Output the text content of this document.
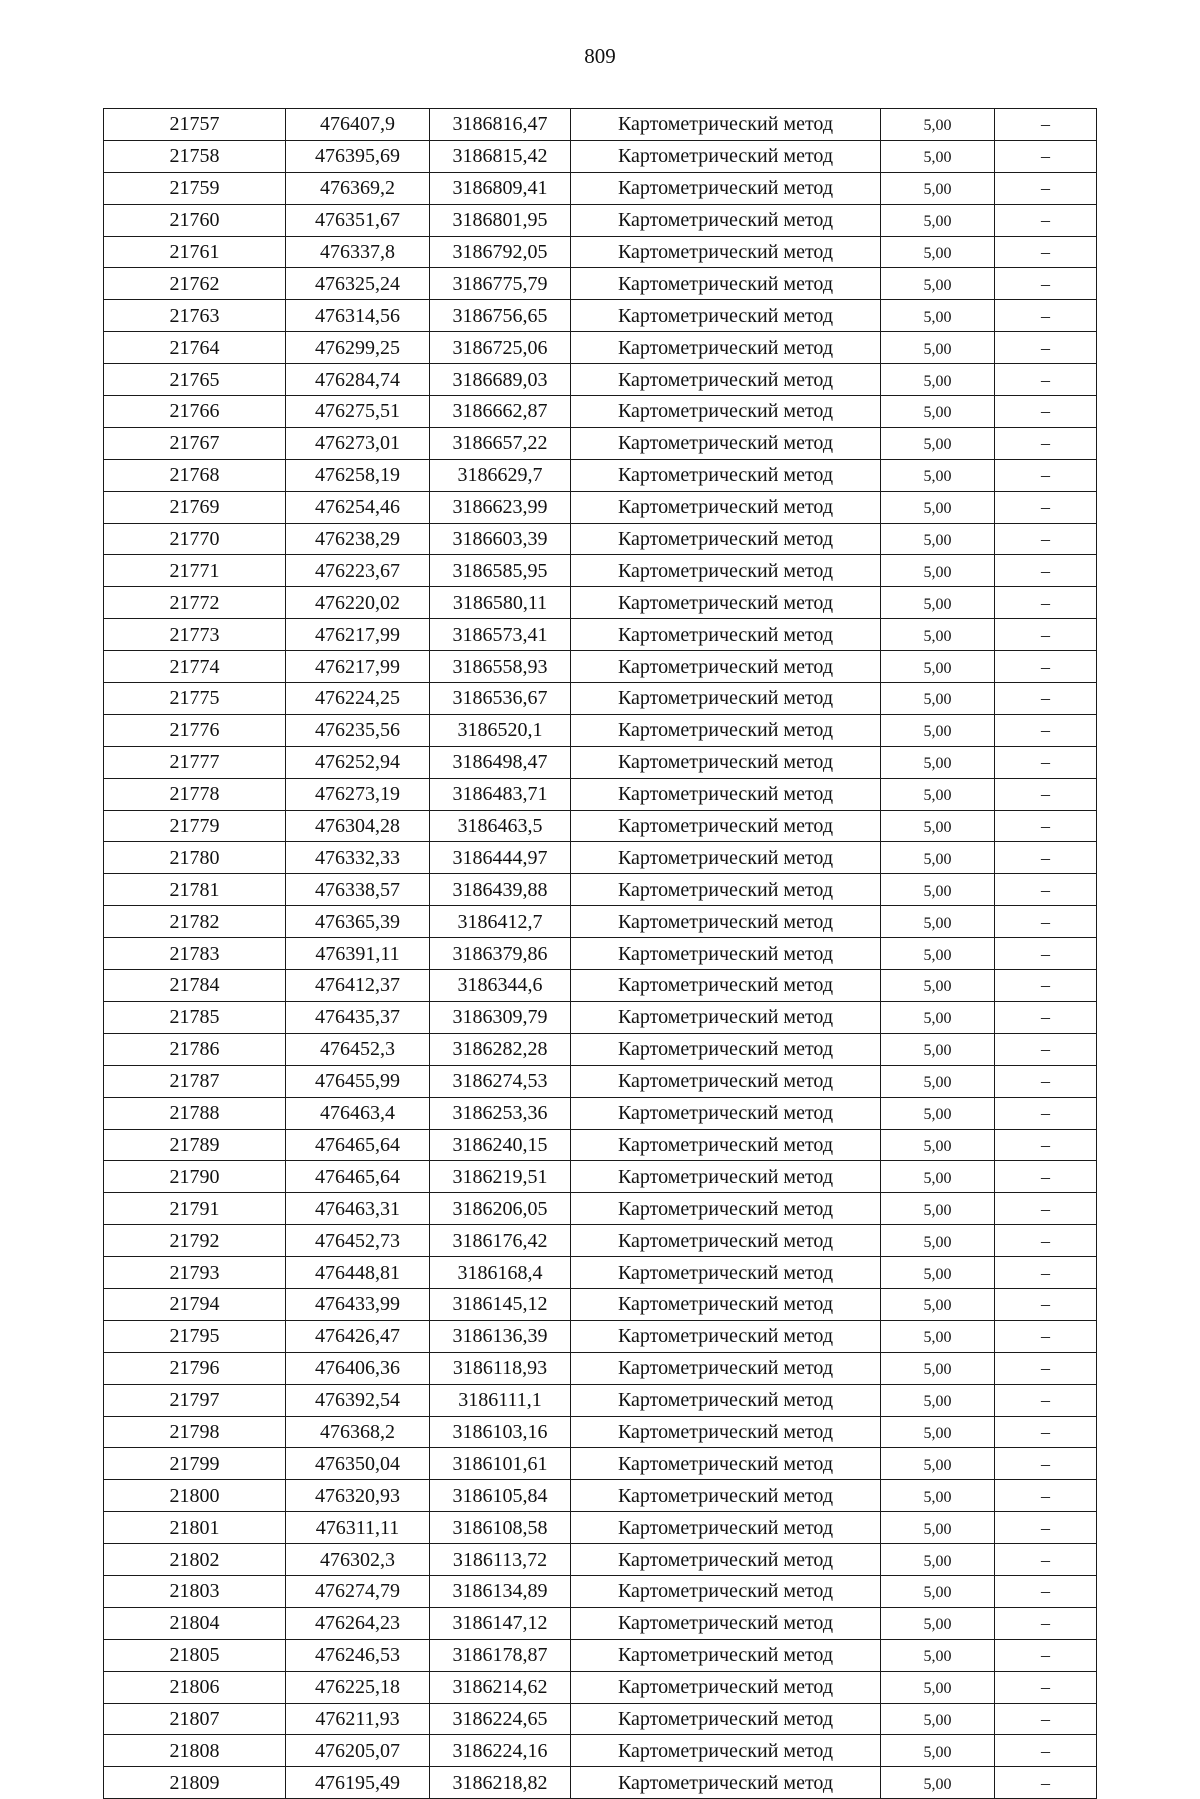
809
21757	476407,9	3186816,47	Картометрический метод	5,00	–
21758	476395,69	3186815,42	Картометрический метод	5,00	–
21759	476369,2	3186809,41	Картометрический метод	5,00	–
21760	476351,67	3186801,95	Картометрический метод	5,00	–
21761	476337,8	3186792,05	Картометрический метод	5,00	–
21762	476325,24	3186775,79	Картометрический метод	5,00	–
21763	476314,56	3186756,65	Картометрический метод	5,00	–
21764	476299,25	3186725,06	Картометрический метод	5,00	–
21765	476284,74	3186689,03	Картометрический метод	5,00	–
21766	476275,51	3186662,87	Картометрический метод	5,00	–
21767	476273,01	3186657,22	Картометрический метод	5,00	–
21768	476258,19	3186629,7	Картометрический метод	5,00	–
21769	476254,46	3186623,99	Картометрический метод	5,00	–
21770	476238,29	3186603,39	Картометрический метод	5,00	–
21771	476223,67	3186585,95	Картометрический метод	5,00	–
21772	476220,02	3186580,11	Картометрический метод	5,00	–
21773	476217,99	3186573,41	Картометрический метод	5,00	–
21774	476217,99	3186558,93	Картометрический метод	5,00	–
21775	476224,25	3186536,67	Картометрический метод	5,00	–
21776	476235,56	3186520,1	Картометрический метод	5,00	–
21777	476252,94	3186498,47	Картометрический метод	5,00	–
21778	476273,19	3186483,71	Картометрический метод	5,00	–
21779	476304,28	3186463,5	Картометрический метод	5,00	–
21780	476332,33	3186444,97	Картометрический метод	5,00	–
21781	476338,57	3186439,88	Картометрический метод	5,00	–
21782	476365,39	3186412,7	Картометрический метод	5,00	–
21783	476391,11	3186379,86	Картометрический метод	5,00	–
21784	476412,37	3186344,6	Картометрический метод	5,00	–
21785	476435,37	3186309,79	Картометрический метод	5,00	–
21786	476452,3	3186282,28	Картометрический метод	5,00	–
21787	476455,99	3186274,53	Картометрический метод	5,00	–
21788	476463,4	3186253,36	Картометрический метод	5,00	–
21789	476465,64	3186240,15	Картометрический метод	5,00	–
21790	476465,64	3186219,51	Картометрический метод	5,00	–
21791	476463,31	3186206,05	Картометрический метод	5,00	–
21792	476452,73	3186176,42	Картометрический метод	5,00	–
21793	476448,81	3186168,4	Картометрический метод	5,00	–
21794	476433,99	3186145,12	Картометрический метод	5,00	–
21795	476426,47	3186136,39	Картометрический метод	5,00	–
21796	476406,36	3186118,93	Картометрический метод	5,00	–
21797	476392,54	3186111,1	Картометрический метод	5,00	–
21798	476368,2	3186103,16	Картометрический метод	5,00	–
21799	476350,04	3186101,61	Картометрический метод	5,00	–
21800	476320,93	3186105,84	Картометрический метод	5,00	–
21801	476311,11	3186108,58	Картометрический метод	5,00	–
21802	476302,3	3186113,72	Картометрический метод	5,00	–
21803	476274,79	3186134,89	Картометрический метод	5,00	–
21804	476264,23	3186147,12	Картометрический метод	5,00	–
21805	476246,53	3186178,87	Картометрический метод	5,00	–
21806	476225,18	3186214,62	Картометрический метод	5,00	–
21807	476211,93	3186224,65	Картометрический метод	5,00	–
21808	476205,07	3186224,16	Картометрический метод	5,00	–
21809	476195,49	3186218,82	Картометрический метод	5,00	–
